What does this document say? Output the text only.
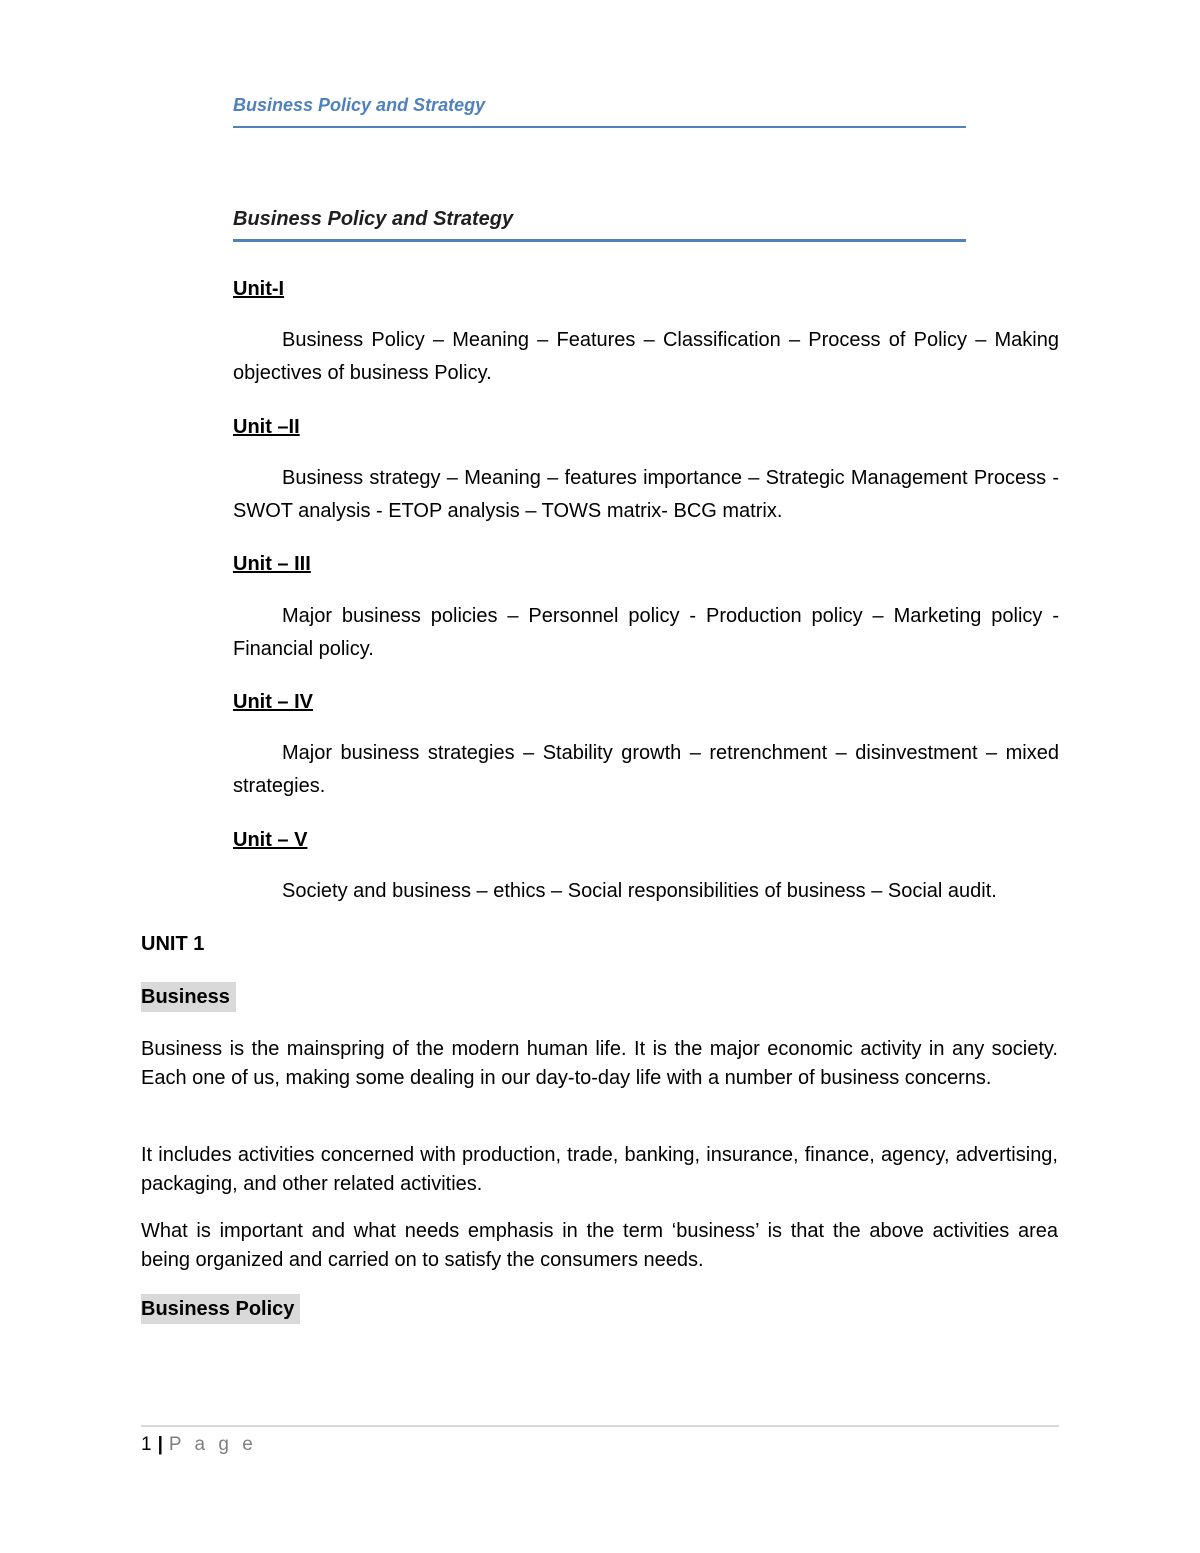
Business Policy and Strategy
Business Policy and Strategy
Unit-I
Business Policy – Meaning – Features – Classification – Process of Policy – Making objectives of business Policy.
Unit –II
Business strategy – Meaning – features importance – Strategic Management Process -SWOT analysis - ETOP analysis – TOWS matrix- BCG matrix.
Unit – III
Major business policies – Personnel policy - Production policy – Marketing policy - Financial policy.
Unit – IV
Major business strategies – Stability growth – retrenchment – disinvestment – mixed strategies.
Unit – V
Society and business – ethics – Social responsibilities of business – Social audit.
UNIT 1
Business
Business is the mainspring of the modern human life. It is the major economic activity in any society. Each one of us, making some dealing in our day-to-day life with a number of business concerns.
It includes activities concerned with production, trade, banking, insurance, finance, agency, advertising, packaging, and other related activities.
What is important and what needs emphasis in the term ‘business’ is that the above activities area being organized and carried on to satisfy the consumers needs.
Business Policy
1 | P a g e
